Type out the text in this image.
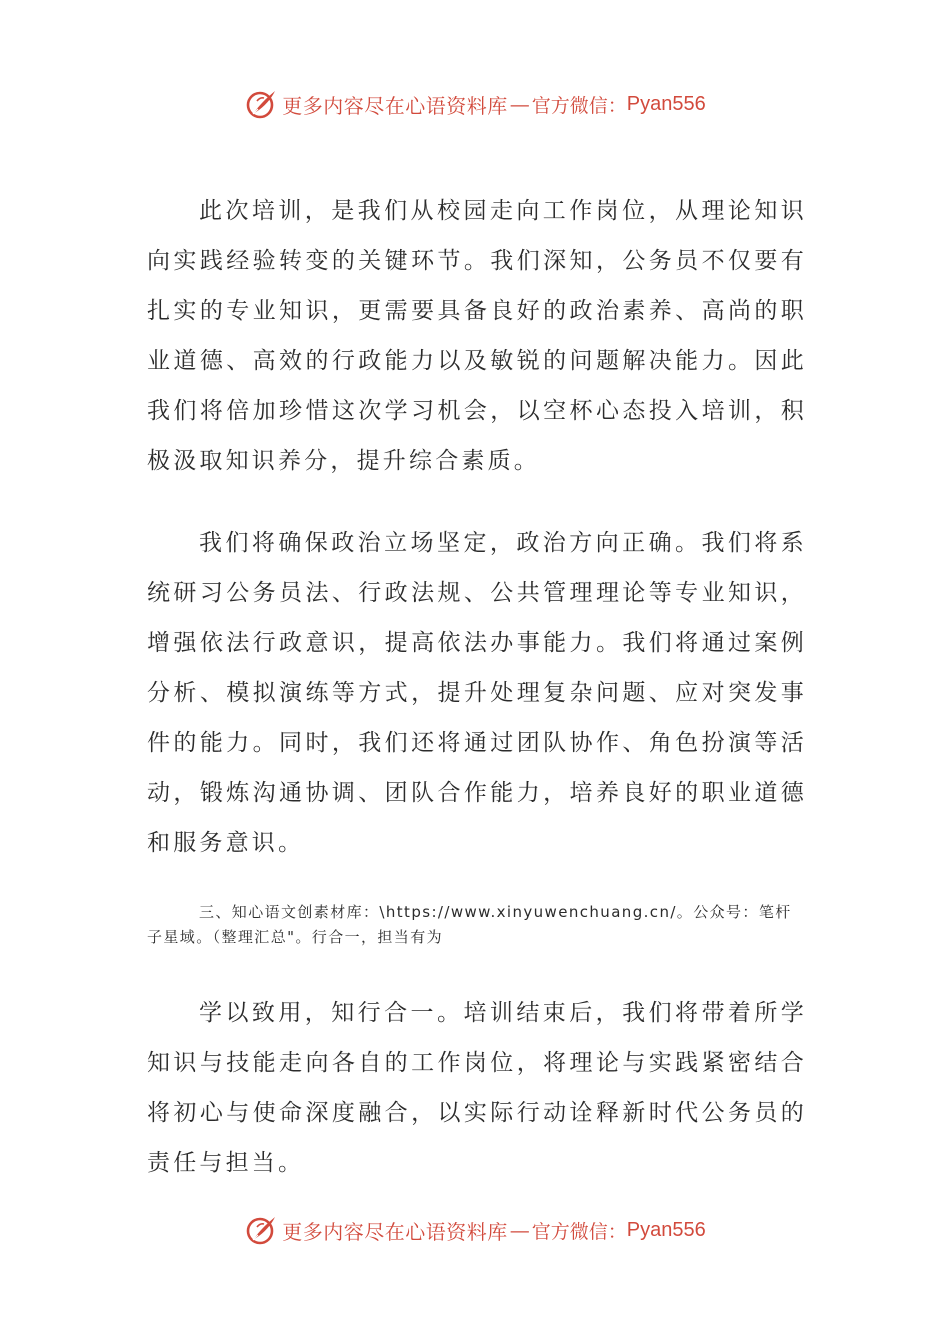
更多内容尽在心语资料库 — 官方微信： Pyan556

此次培训，是我们从校园走向工作岗位，从理论知识向实践经验转变的关键环节。我们深知，公务员不仅要有扎实的专业知识，更需要具备良好的政治素养、高尚的职业道德、高效的行政能力以及敏锐的问题解决能力。因此我们将倍加珍惜这次学习机会，以空杯心态投入培训，积极汲取知识养分，提升综合素质。

我们将确保政治立场坚定，政治方向正确。我们将系统研习公务员法、行政法规、公共管理理论等专业知识，增强依法行政意识，提高依法办事能力。我们将通过案例分析、模拟演练等方式，提升处理复杂问题、应对突发事件的能力。同时，我们还将通过团队协作、角色扮演等活动，锻炼沟通协调、团队合作能力，培养良好的职业道德和服务意识。

三、知心语文创素材库：\https://www.xinyuwenchuang.cn/。公众号：笔杆子星域。（整理汇总"。行合一，担当有为

学以致用，知行合一。培训结束后，我们将带着所学知识与技能走向各自的工作岗位，将理论与实践紧密结合将初心与使命深度融合，以实际行动诠释新时代公务员的责任与担当。

更多内容尽在心语资料库 — 官方微信： Pyan556
